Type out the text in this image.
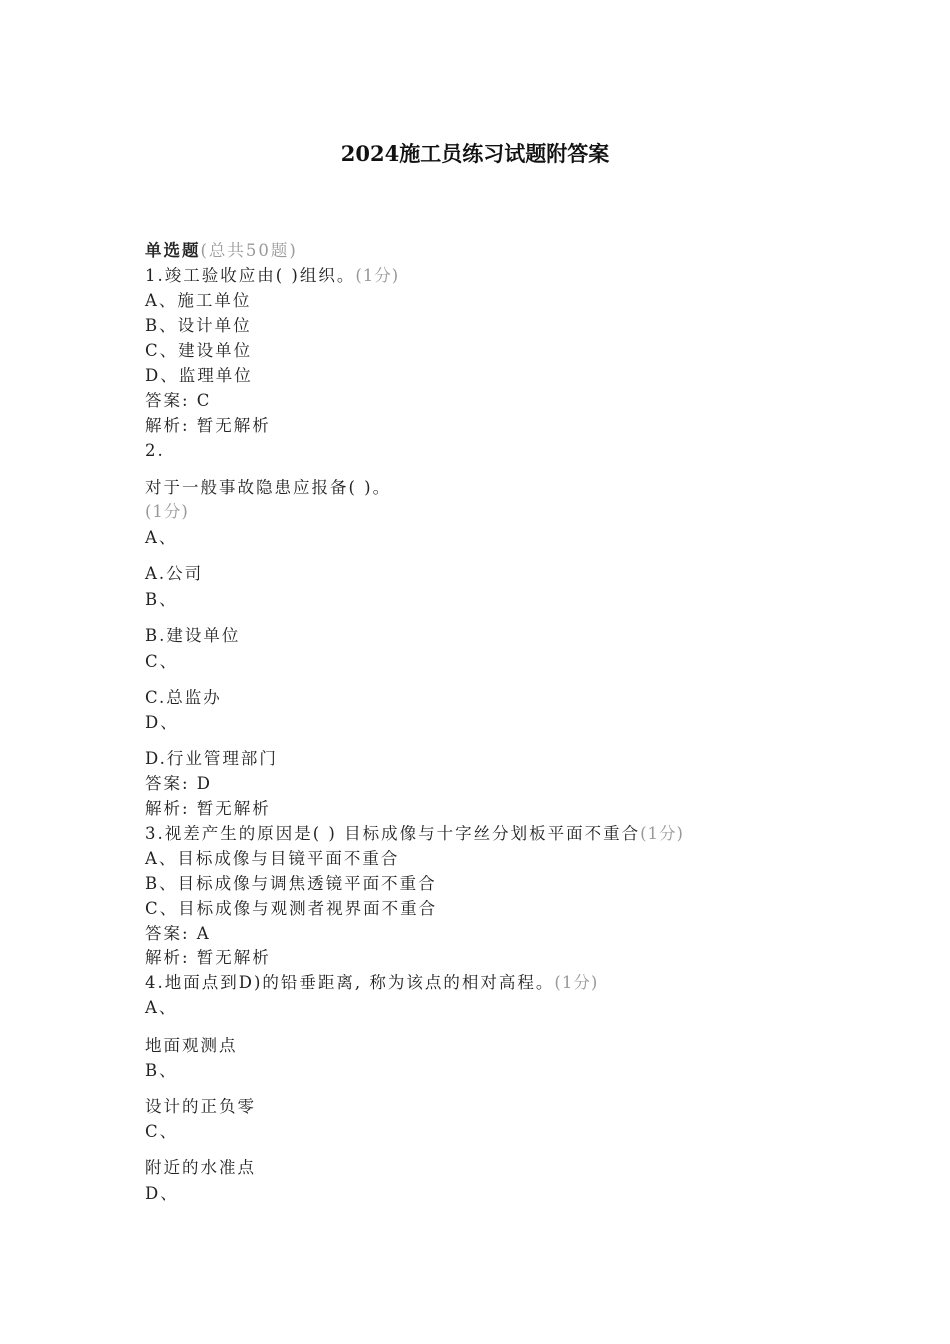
2024施工员练习试题附答案
单选题(总共50题)
1.竣工验收应由( )组织。(1分)
A、施工单位
B、设计单位
C、建设单位
D、监理单位
答案: C
解析: 暂无解析
2.
对于一般事故隐患应报备( )。
(1分)
A、
A.公司
B、
B.建设单位
C、
C.总监办
D、
D.行业管理部门
答案: D
解析: 暂无解析
3.视差产生的原因是( ) 目标成像与十字丝分划板平面不重合(1分)
A、目标成像与目镜平面不重合
B、目标成像与调焦透镜平面不重合
C、目标成像与观测者视界面不重合
答案: A
解析: 暂无解析
4.地面点到D)的铅垂距离, 称为该点的相对高程。(1分)
A、
地面观测点
B、
设计的正负零
C、
附近的水准点
D、
